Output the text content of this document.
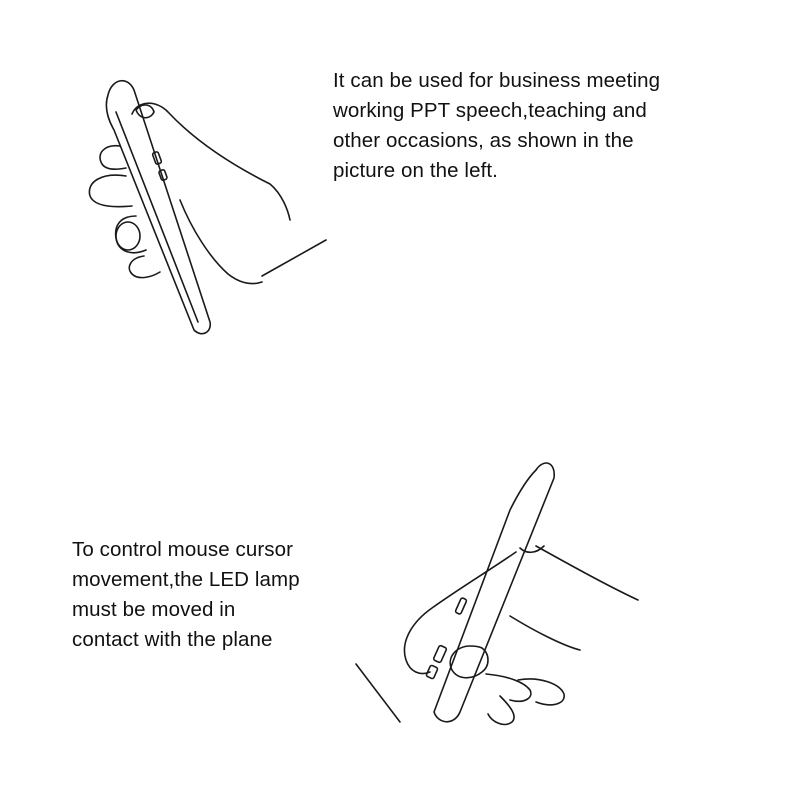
It can be used for business meeting
working PPT speech,teaching and
other occasions, as shown in the
picture on the left.

To control mouse cursor
movement,the LED lamp
must be moved in
contact with the plane
